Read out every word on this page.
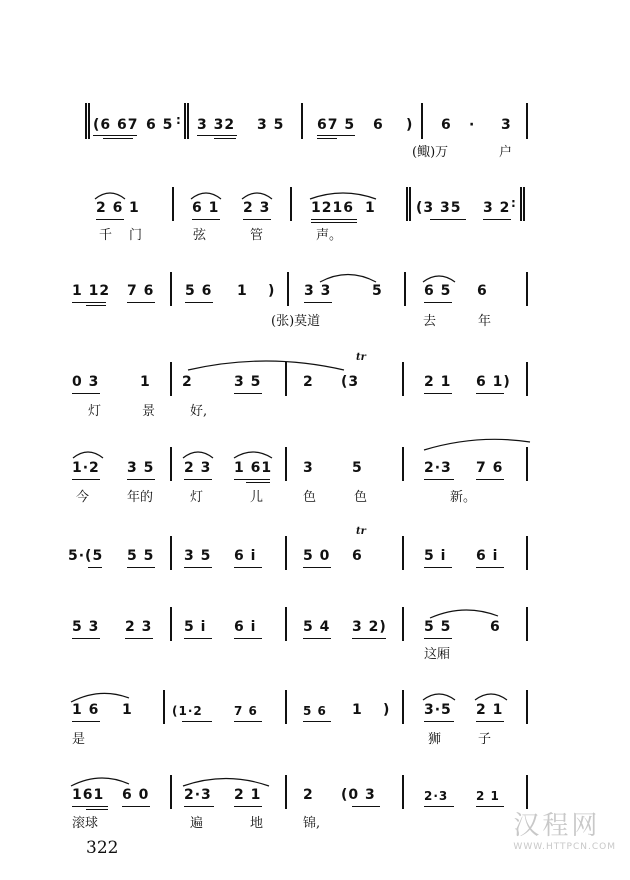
(6 67 6 5 : 3 32 3 5 67 5 6 ) 6 · 3
(鲰)万	户
2 6 1	6 1 2 3	1216 1	(3 35 3 2 :
千 门	弦	管	声。
1 12 7 6 5 6 1 ) 3 3	5	6 5 6
(张)莫道	去	年
tr
0 3	1 2	3 5	2 (3	2 1 6 1)
灯	景	好,
1·2 3 5 2 3 1 61 3	5	2·3 7 6
今	年的	灯	儿	色	色	新。
tr
5·(5 5 5 3 5 6 i	5 0 6	5 i 6 i
5 3 2 3 5 i 6 i	5 4 3 2)	5 5	6
这厢
1 6 1	(1·2	7 6	5 6 1 ) 3·5 2 1
是	狮	子
161 6 0 2·3 2 1	2 (0 3	2·3 2 1
滚球	遍	地	锦,
322
汉程网
WWW.HTTPCN.COM
